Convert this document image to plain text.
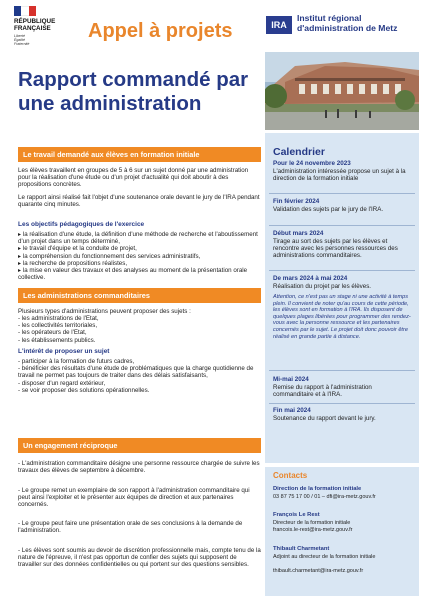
RÉPUBLIQUE FRANÇAISE
Liberté
Égalité
Fraternité
Appel à projets
Rapport commandé par une administration
IRA
Institut régional d'administration de Metz
Le travail demandé aux élèves en formation initiale
Les élèves travaillent en groupes de 5 à 6 sur un sujet donné par une administration pour la réalisation d'une étude ou d'un projet d'actualité qui doit aboutir à des propositions concrètes.
Le rapport ainsi réalisé fait l'objet d'une soutenance orale devant le jury de l'IRA pendant quarante cinq minutes.
Les objectifs pédagogiques de l'exercice
▸ la réalisation d'une étude, la définition d'une méthode de recherche et l'aboutissement d'un projet dans un temps déterminé,
▸ le travail d'équipe et la conduite de projet,
▸ la compréhension du fonctionnement des services administratifs,
▸ la recherche de propositions réalistes,
▸ la mise en valeur des travaux et des analyses au moment de la présentation orale collective.
Les administrations commanditaires
Plusieurs types d'administrations peuvent proposer des sujets :
- les administrations de l'Etat,
- les collectivités territoriales,
- les opérateurs de l'Etat,
- les établissements publics.
L'intérêt de proposer un sujet
- participer à la formation de futurs cadres,
- bénéficier des résultats d'une étude de problématiques que la charge quotidienne de travail ne permet pas toujours de traiter dans des délais satisfaisants,
- disposer d'un regard extérieur,
- se voir proposer des solutions opérationnelles.
Un engagement réciproque
- L'administration commanditaire désigne une personne ressource chargée de suivre les travaux des élèves de septembre à décembre.
- Le groupe remet un exemplaire de son rapport à l'administration commanditaire qui peut ainsi l'exploiter et le présenter aux équipes de direction et aux partenaires concernés.
- Le groupe peut faire une présentation orale de ses conclusions à la demande de l'administration.
- Les élèves sont soumis au devoir de discrétion professionnelle mais, compte tenu de la nature de l'épreuve, il n'est pas opportun de confier des sujets qui supposent de travailler sur des données confidentielles ou qui portent sur des questions sensibles.
Calendrier
Pour le 24 novembre 2023
L'administration intéressée propose un sujet à la direction de la formation initiale
Fin février 2024
Validation des sujets par le jury de l'IRA.
Début mars 2024
Tirage au sort des sujets par les élèves et rencontre avec les personnes ressources des administrations commanditaires.
De mars 2024 à mai 2024
Réalisation du projet par les élèves.
Attention, ce n'est pas un stage ni une activité à temps plein. Il convient de noter qu'au cours de cette période, les élèves sont en formation à l'IRA. Ils disposent de quelques plages libérées pour programmer des rendez-vous avec la personne ressource et les partenaires concernés par le sujet. Le projet doit donc pouvoir être réalisé en grande partie à distance.
Mi-mai 2024
Remise du rapport à l'administration commanditaire et à l'IRA.
Fin mai 2024
Soutenance du rapport devant le jury.
Contacts
Direction de la formation initiale
03 87 75 17 00 / 01 – dfi@ira-metz.gouv.fr
François Le Rest
Directeur de la formation initiale
francois.le-rest@ira-metz.gouv.fr
Thibault Charmetant
Adjoint au directeur de la formation initiale
thibault.charmetant@ira-metz.gouv.fr
